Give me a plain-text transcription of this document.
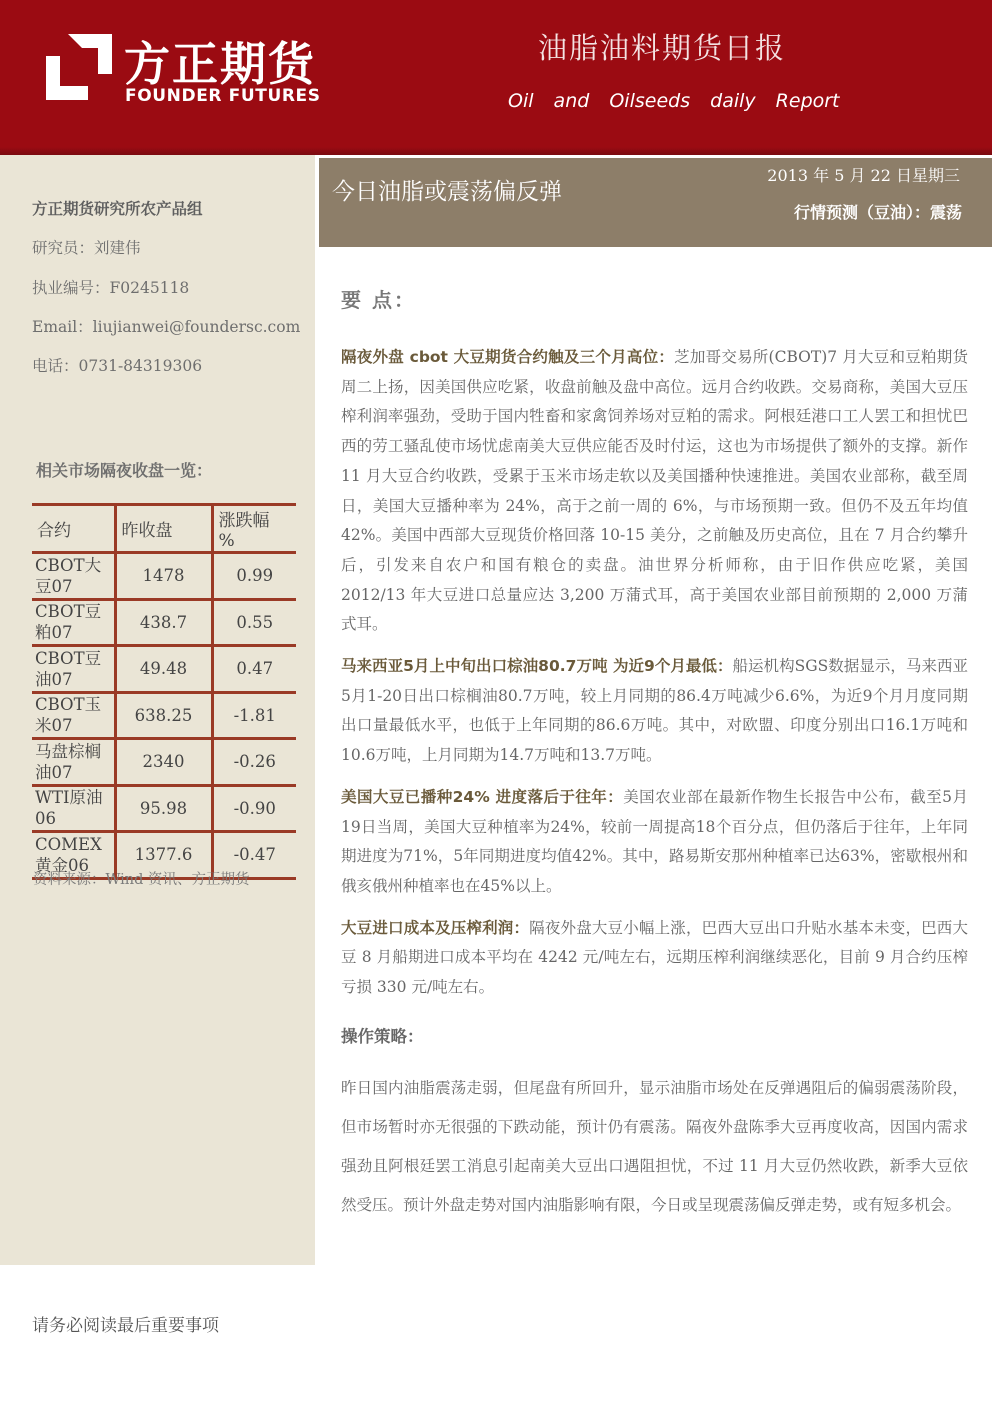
方正期货
FOUNDER FUTURES
油脂油料期货日报
Oil and Oilseeds daily Report
方正期货研究所农产品组
研究员：刘建伟
执业编号：F0245118
Email：liujianwei@foundersc.com
电话：0731-84319306
相关市场隔夜收盘一览：
合约	昨收盘	涨跌幅 %
CBOT大豆07	1478	0.99
CBOT豆粕07	438.7	0.55
CBOT豆油07	49.48	0.47
CBOT玉米07	638.25	-1.81
马盘棕榈油07	2340	-0.26
WTI原油06	95.98	-0.90
COMEX黄金06	1377.6	-0.47
资料来源：Wind 资讯、方正期货
请务必阅读最后重要事项
今日油脂或震荡偏反弹
2013 年 5 月 22 日星期三
行情预测（豆油）：震荡
要 点：

隔夜外盘 cbot 大豆期货合约触及三个月高位：芝加哥交易所(CBOT)7 月大豆和豆粕期货周二上扬，因美国供应吃紧，收盘前触及盘中高位。远月合约收跌。交易商称，美国大豆压榨利润率强劲，受助于国内牲畜和家禽饲养场对豆粕的需求。阿根廷港口工人罢工和担忧巴西的劳工骚乱使市场忧虑南美大豆供应能否及时付运，这也为市场提供了额外的支撑。新作 11 月大豆合约收跌，受累于玉米市场走软以及美国播种快速推进。美国农业部称，截至周日，美国大豆播种率为 24%，高于之前一周的 6%，与市场预期一致。但仍不及五年均值 42%。美国中西部大豆现货价格回落 10-15 美分，之前触及历史高位，且在 7 月合约攀升后，引发来自农户和国有粮仓的卖盘。油世界分析师称，由于旧作供应吃紧，美国 2012/13 年大豆进口总量应达 3,200 万蒲式耳，高于美国农业部目前预期的 2,000 万蒲式耳。

马来西亚5月上中旬出口棕油80.7万吨 为近9个月最低：船运机构SGS数据显示，马来西亚5月1-20日出口棕榈油80.7万吨，较上月同期的86.4万吨减少6.6%，为近9个月月度同期出口量最低水平，也低于上年同期的86.6万吨。其中，对欧盟、印度分别出口16.1万吨和10.6万吨，上月同期为14.7万吨和13.7万吨。

美国大豆已播种24% 进度落后于往年：美国农业部在最新作物生长报告中公布，截至5月19日当周，美国大豆种植率为24%，较前一周提高18个百分点，但仍落后于往年，上年同期进度为71%，5年同期进度均值42%。其中，路易斯安那州种植率已达63%，密歇根州和俄亥俄州种植率也在45%以上。

大豆进口成本及压榨利润：隔夜外盘大豆小幅上涨，巴西大豆出口升贴水基本未变，巴西大豆 8 月船期进口成本平均在 4242 元/吨左右，远期压榨利润继续恶化，目前 9 月合约压榨亏损 330 元/吨左右。

操作策略：

昨日国内油脂震荡走弱，但尾盘有所回升，显示油脂市场处在反弹遇阻后的偏弱震荡阶段，但市场暂时亦无很强的下跌动能，预计仍有震荡。隔夜外盘陈季大豆再度收高，因国内需求强劲且阿根廷罢工消息引起南美大豆出口遇阻担忧，不过 11 月大豆仍然收跌，新季大豆依然受压。预计外盘走势对国内油脂影响有限，今日或呈现震荡偏反弹走势，或有短多机会。
